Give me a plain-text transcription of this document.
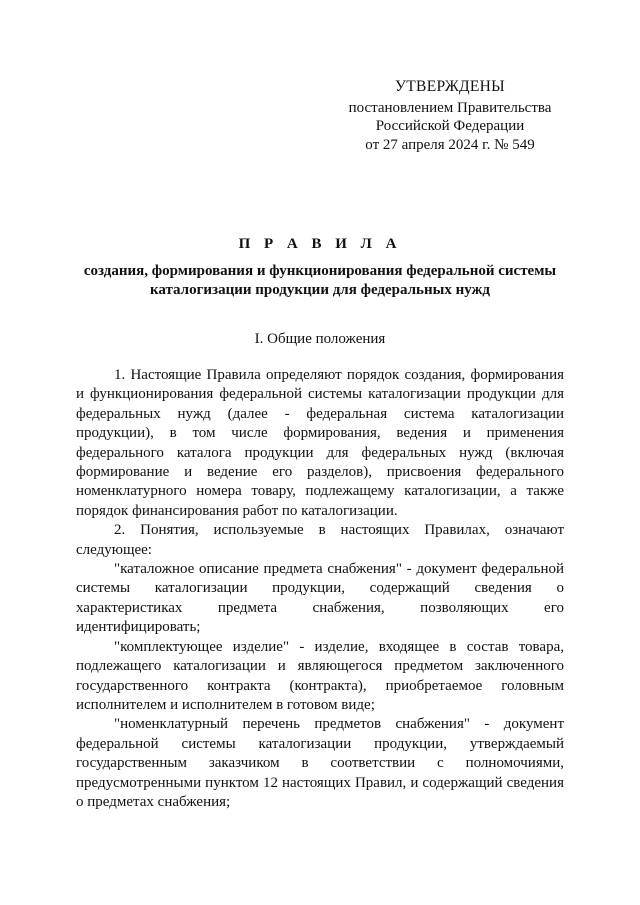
УТВЕРЖДЕНЫ
постановлением Правительства
Российской Федерации
от 27 апреля 2024 г. № 549
П Р А В И Л А
создания, формирования и функционирования федеральной системы каталогизации продукции для федеральных нужд
I. Общие положения

1. Настоящие Правила определяют порядок создания, формирования и функционирования федеральной системы каталогизации продукции для федеральных нужд (далее - федеральная система каталогизации продукции), в том числе формирования, ведения и применения федерального каталога продукции для федеральных нужд (включая формирование и ведение его разделов), присвоения федерального номенклатурного номера товару, подлежащему каталогизации, а также порядок финансирования работ по каталогизации.

2. Понятия, используемые в настоящих Правилах, означают следующее:

"каталожное описание предмета снабжения" - документ федеральной системы каталогизации продукции, содержащий сведения о характеристиках предмета снабжения, позволяющих его идентифицировать;

"комплектующее изделие" - изделие, входящее в состав товара, подлежащего каталогизации и являющегося предметом заключенного государственного контракта (контракта), приобретаемое головным исполнителем и исполнителем в готовом виде;

"номенклатурный перечень предметов снабжения" - документ федеральной системы каталогизации продукции, утверждаемый государственным заказчиком в соответствии с полномочиями, предусмотренными пунктом 12 настоящих Правил, и содержащий сведения о предметах снабжения;
